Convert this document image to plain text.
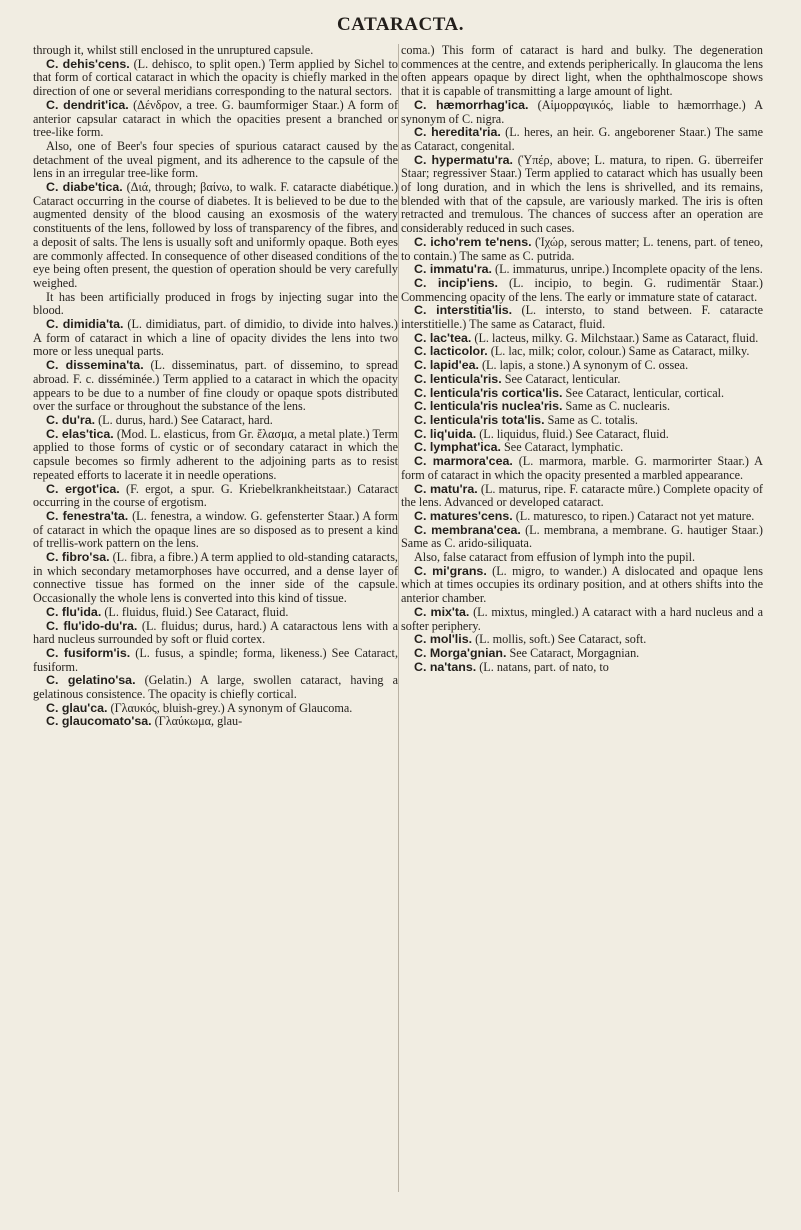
CATARACTA.

through it, whilst still enclosed in the unruptured capsule.

C. dehis'cens. (L. dehisco, to split open.) Term applied by Sichel to that form of cortical cataract in which the opacity is chiefly marked in the direction of one or several meridians corresponding to the natural sectors.

C. dendrit'ica. (Δένδρον, a tree. G. baumformiger Staar.) A form of anterior capsular cataract in which the opacities present a branched or tree-like form.

Also, one of Beer's four species of spurious cataract caused by the detachment of the uveal pigment, and its adherence to the capsule of the lens in an irregular tree-like form.

C. diabe'tica. (Διά, through; βαίνω, to walk. F. cataracte diabétique.) Cataract occurring in the course of diabetes. It is believed to be due to the augmented density of the blood causing an exosmosis of the watery constituents of the lens, followed by loss of transparency of the fibres, and a deposit of salts. The lens is usually soft and uniformly opaque. Both eyes are commonly affected. In consequence of other diseased conditions of the eye being often present, the question of operation should be very carefully weighed.

It has been artificially produced in frogs by injecting sugar into the blood.

C. dimidia'ta. (L. dimidiatus, part. of dimidio, to divide into halves.) A form of cataract in which a line of opacity divides the lens into two more or less unequal parts.

C. dissemina'ta. (L. disseminatus, part. of dissemino, to spread abroad. F. c. disséminée.) Term applied to a cataract in which the opacity appears to be due to a number of fine cloudy or opaque spots distributed over the surface or throughout the substance of the lens.

C. du'ra. (L. durus, hard.) See Cataract, hard.

C. elas'tica. (Mod. L. elasticus, from Gr. ἔλασμα, a metal plate.) Term applied to those forms of cystic or of secondary cataract in which the capsule becomes so firmly adherent to the adjoining parts as to resist repeated efforts to lacerate it in needle operations.

C. ergot'ica. (F. ergot, a spur. G. Kriebelkrankheitstaar.) Cataract occurring in the course of ergotism.

C. fenestra'ta. (L. fenestra, a window. G. gefensterter Staar.) A form of cataract in which the opaque lines are so disposed as to present a kind of trellis-work pattern on the lens.

C. fibro'sa. (L. fibra, a fibre.) A term applied to old-standing cataracts, in which secondary metamorphoses have occurred, and a dense layer of connective tissue has formed on the inner side of the capsule. Occasionally the whole lens is converted into this kind of tissue.

C. flu'ida. (L. fluidus, fluid.) See Cataract, fluid.

C. flu'ido-du'ra. (L. fluidus; durus, hard.) A cataractous lens with a hard nucleus surrounded by soft or fluid cortex.

C. fusiform'is. (L. fusus, a spindle; forma, likeness.) See Cataract, fusiform.

C. gelatino'sa. (Gelatin.) A large, swollen cataract, having a gelatinous consistence. The opacity is chiefly cortical.

C. glau'ca. (Γλαυκός, bluish-grey.) A synonym of Glaucoma.

C. glaucomato'sa. (Γλαύκωμα, glau-

coma.) This form of cataract is hard and bulky. The degeneration commences at the centre, and extends peripherically. In glaucoma the lens often appears opaque by direct light, when the ophthalmoscope shows that it is capable of transmitting a large amount of light.

C. hæmorrhag'ica. (Αἱμορραγικός, liable to hæmorrhage.) A synonym of C. nigra.

C. heredita'ria. (L. heres, an heir. G. angeborener Staar.) The same as Cataract, congenital.

C. hypermatu'ra. (Ὑπέρ, above; L. matura, to ripen. G. überreifer Staar; regressiver Staar.) Term applied to cataract which has usually been of long duration, and in which the lens is shrivelled, and its remains, blended with that of the capsule, are variously marked. The iris is often retracted and tremulous. The chances of success after an operation are considerably reduced in such cases.

C. icho'rem te'nens. (Ἰχώρ, serous matter; L. tenens, part. of teneo, to contain.) The same as C. putrida.

C. immatu'ra. (L. immaturus, unripe.) Incomplete opacity of the lens.

C. incip'iens. (L. incipio, to begin. G. rudimentär Staar.) Commencing opacity of the lens. The early or immature state of cataract.

C. interstitia'lis. (L. intersto, to stand between. F. cataracte interstitielle.) The same as Cataract, fluid.

C. lac'tea. (L. lacteus, milky. G. Milchstaar.) Same as Cataract, fluid.

C. lacticolor. (L. lac, milk; color, colour.) Same as Cataract, milky.

C. lapid'ea. (L. lapis, a stone.) A synonym of C. ossea.

C. lenticula'ris. See Cataract, lenticular.

C. lenticula'ris cortica'lis. See Cataract, lenticular, cortical.

C. lenticula'ris nuclea'ris. Same as C. nuclearis.

C. lenticula'ris tota'lis. Same as C. totalis.

C. liq'uida. (L. liquidus, fluid.) See Cataract, fluid.

C. lymphat'ica. See Cataract, lymphatic.

C. marmora'cea. (L. marmora, marble. G. marmorirter Staar.) A form of cataract in which the opacity presented a marbled appearance.

C. matu'ra. (L. maturus, ripe. F. cataracte mûre.) Complete opacity of the lens. Advanced or developed cataract.

C. matures'cens. (L. maturesco, to ripen.) Cataract not yet mature.

C. membrana'cea. (L. membrana, a membrane. G. hautiger Staar.) Same as C. arido-siliquata.

Also, false cataract from effusion of lymph into the pupil.

C. mi'grans. (L. migro, to wander.) A dislocated and opaque lens which at times occupies its ordinary position, and at others shifts into the anterior chamber.

C. mix'ta. (L. mixtus, mingled.) A cataract with a hard nucleus and a softer periphery.

C. mol'lis. (L. mollis, soft.) See Cataract, soft.

C. Morga'gnian. See Cataract, Morgagnian.

C. na'tans. (L. natans, part. of nato, to
